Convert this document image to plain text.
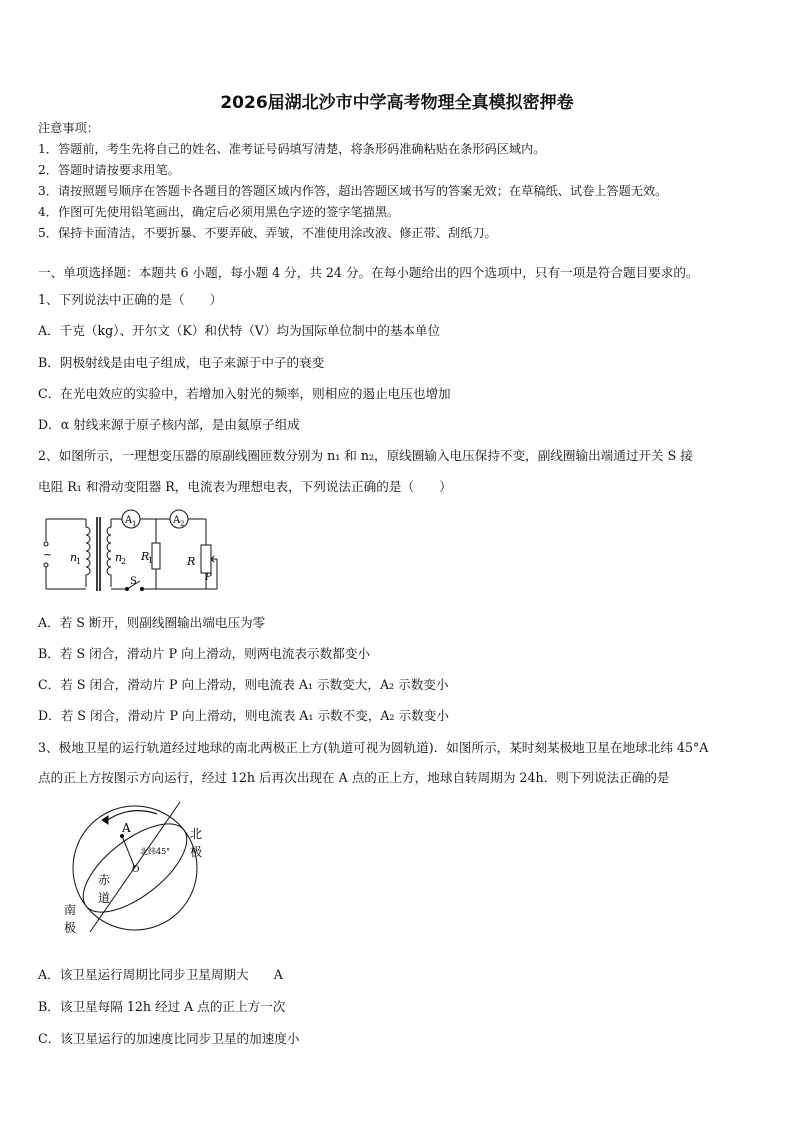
2026届湖北沙市中学高考物理全真模拟密押卷
注意事项：
1．答题前，考生先将自己的姓名、准考证号码填写清楚，将条形码准确粘贴在条形码区域内。
2．答题时请按要求用笔。
3．请按照题号顺序在答题卡各题目的答题区域内作答，超出答题区域书写的答案无效；在草稿纸、试卷上答题无效。
4．作图可先使用铅笔画出，确定后必须用黑色字迹的签字笔描黑。
5．保持卡面清洁，不要折暴、不要弄破、弄皱，不准使用涂改液、修正带、刮纸刀。
一、单项选择题：本题共 6 小题，每小题 4 分，共 24 分。在每小题给出的四个选项中，只有一项是符合题目要求的。
1、下列说法中正确的是（　　）
A．千克（kg）、开尔文（K）和伏特（V）均为国际单位制中的基本单位
B．阴极射线是由电子组成，电子来源于中子的衰变
C．在光电效应的实验中，若增加入射光的频率，则相应的遏止电压也增加
D．α 射线来源于原子核内部，是由氦原子组成
2、如图所示，一理想变压器的原副线圈匝数分别为 n₁ 和 n₂，原线圈输入电压保持不变，副线圈输出端通过开关 S 接
电阻 R₁ 和滑动变阻器 R，电流表为理想电表，下列说法正确的是（　　）
~ n
1	n
2
A 1	A 2
R
1	R
P
S
A．若 S 断开，则副线圈输出端电压为零
B．若 S 闭合，滑动片 P 向上滑动，则两电流表示数都变小
C．若 S 闭合，滑动片 P 向上滑动，则电流表 A₁ 示数变大，A₂ 示数变小
D．若 S 闭合，滑动片 P 向上滑动，则电流表 A₁ 示数不变，A₂ 示数变小
3、极地卫星的运行轨道经过地球的南北两极正上方(轨道可视为圆轨道)．如图所示，某时刻某极地卫星在地球北纬 45°A
点的正上方按图示方向运行，经过 12h 后再次出现在 A 点的正上方，地球自转周期为 24h．则下列说法正确的是
A
O
北纬45°
北
极
赤
道
南
极
A．该卫星运行周期比同步卫星周期大　　A
B．该卫星每隔 12h 经过 A 点的正上方一次
C．该卫星运行的加速度比同步卫星的加速度小
